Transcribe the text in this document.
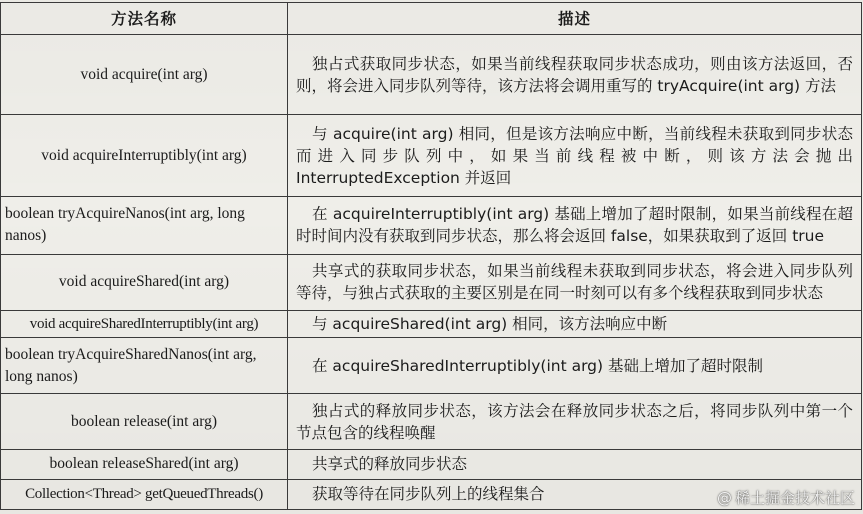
方法名称	描述
void acquire(int arg)	独占式获取同步状态，如果当前线程获取同步状态成功，则由该方法返回，否则，将会进入同步队列等待，该方法将会调用重写的 tryAcquire(int arg) 方法
void acquireInterruptibly(int arg)	与 acquire(int arg) 相同，但是该方法响应中断，当前线程未获取到同步状态而进入同步队列中，如果当前线程被中断，则该方法会抛出 InterruptedException 并返回
boolean tryAcquireNanos(int arg, long nanos)	在 acquireInterruptibly(int arg) 基础上增加了超时限制，如果当前线程在超时时间内没有获取到同步状态，那么将会返回 false，如果获取到了返回 true
void acquireShared(int arg)	共享式的获取同步状态，如果当前线程未获取到同步状态，将会进入同步队列等待，与独占式获取的主要区别是在同一时刻可以有多个线程获取到同步状态
void acquireSharedInterruptibly(int arg)	与 acquireShared(int arg) 相同，该方法响应中断
boolean tryAcquireSharedNanos(int arg, long nanos)	在 acquireSharedInterruptibly(int arg) 基础上增加了超时限制
boolean release(int arg)	独占式的释放同步状态，该方法会在释放同步状态之后，将同步队列中第一个节点包含的线程唤醒
boolean releaseShared(int arg)	共享式的释放同步状态
Collection<Thread> getQueuedThreads()	获取等待在同步队列上的线程集合	@ 稀土掘金技术社区
